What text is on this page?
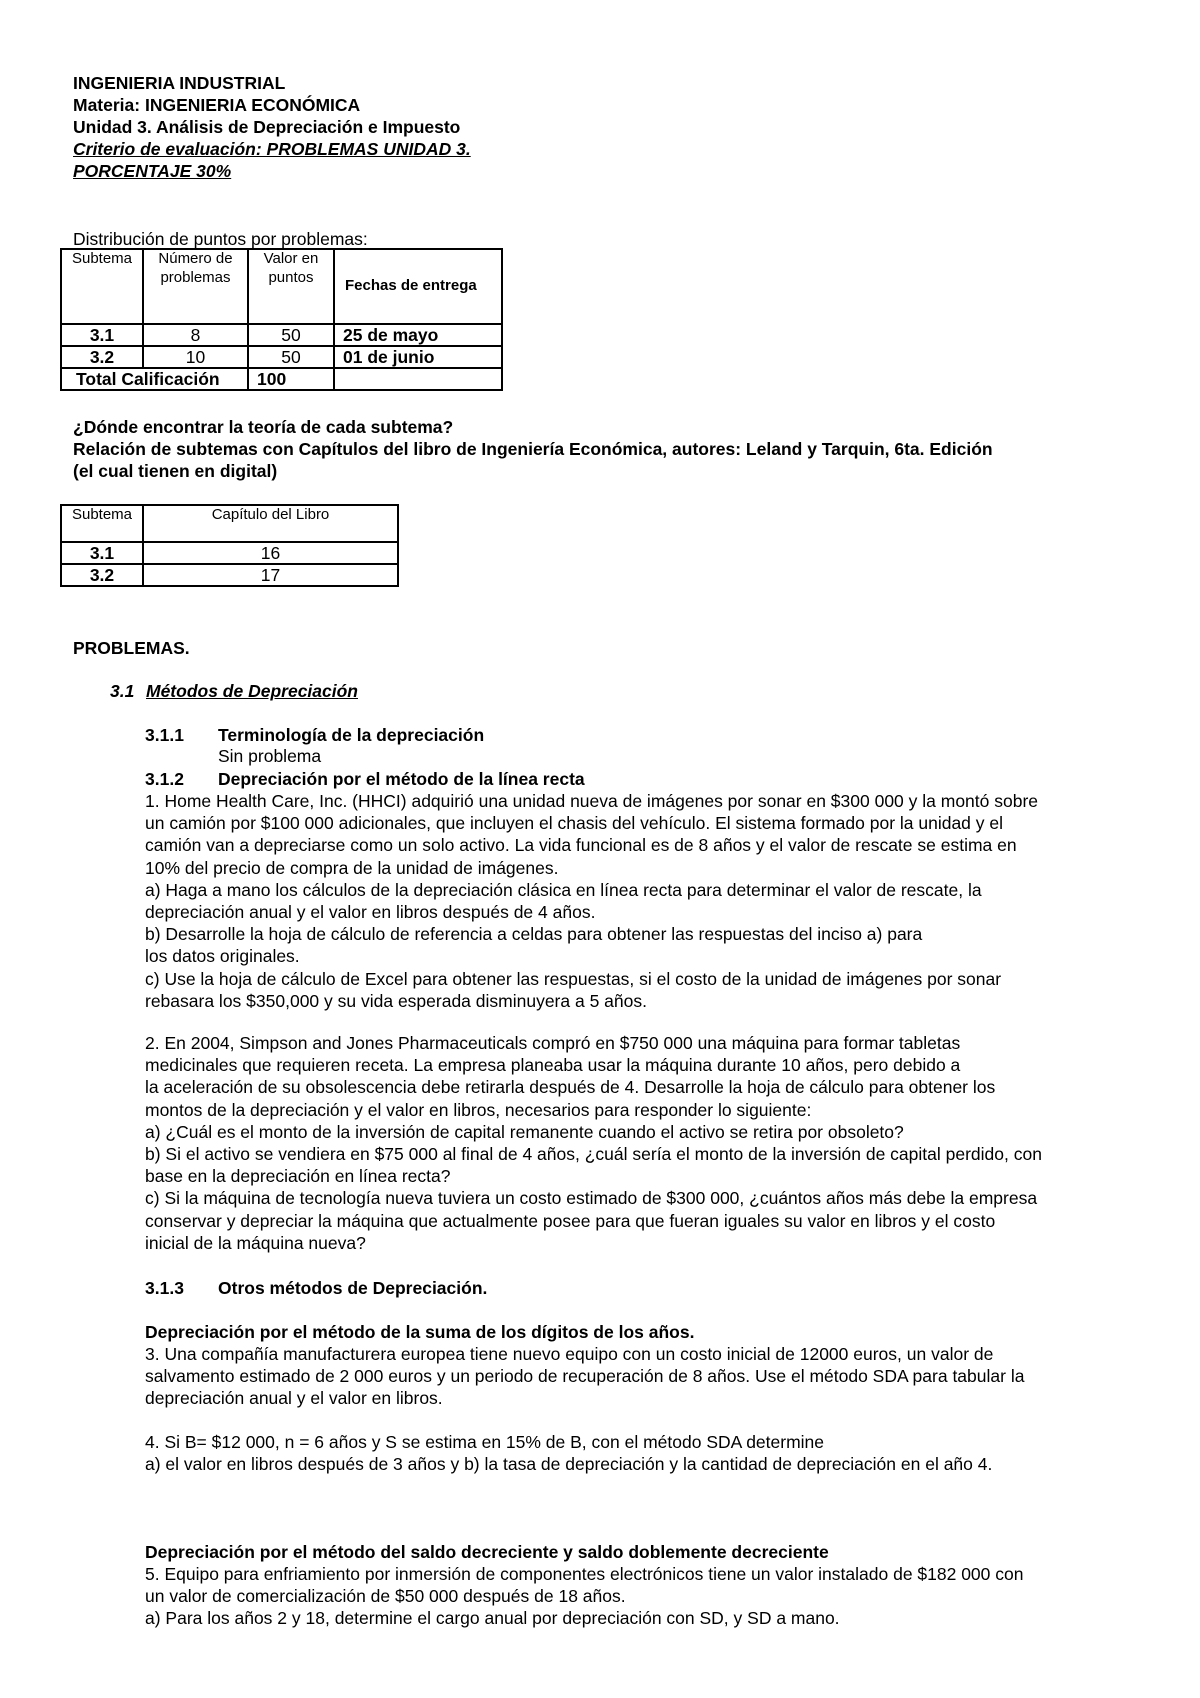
INGENIERIA INDUSTRIAL
Materia: INGENIERIA ECONÓMICA
Unidad 3. Análisis de Depreciación e Impuesto
Criterio de evaluación: PROBLEMAS UNIDAD 3.
PORCENTAJE 30%
Distribución de puntos por problemas:
Subtema	Número de problemas	Valor en puntos	Fechas de entrega
3.1	8	50	25 de mayo
3.2	10	50	01 de junio
Total Calificación		100	
¿Dónde encontrar la teoría de cada subtema?
Relación de subtemas con Capítulos del libro de Ingeniería Económica, autores: Leland y Tarquin, 6ta. Edición
(el cual tienen en digital)
Subtema	Capítulo del Libro
3.1	16
3.2	17
PROBLEMAS.
3.1 Métodos de Depreciación
3.1.1 Terminología de la depreciación
Sin problema
3.1.2 Depreciación por el método de la línea recta

1. Home Health Care, Inc. (HHCI) adquirió una unidad nueva de imágenes por sonar en $300 000 y la montó sobre

un camión por $100 000 adicionales, que incluyen el chasis del vehículo. El sistema formado por la unidad y el

camión van a depreciarse como un solo activo. La vida funcional es de 8 años y el valor de rescate se estima en

10% del precio de compra de la unidad de imágenes.

a) Haga a mano los cálculos de la depreciación clásica en línea recta para determinar el valor de rescate, la

depreciación anual y el valor en libros después de 4 años.

b) Desarrolle la hoja de cálculo de referencia a celdas para obtener las respuestas del inciso a) para

los datos originales.

c) Use la hoja de cálculo de Excel para obtener las respuestas, si el costo de la unidad de imágenes por sonar

rebasara los $350,000 y su vida esperada disminuyera a 5 años.

2. En 2004, Simpson and Jones Pharmaceuticals compró en $750 000 una máquina para formar tabletas

medicinales que requieren receta. La empresa planeaba usar la máquina durante 10 años, pero debido a

la aceleración de su obsolescencia debe retirarla después de 4. Desarrolle la hoja de cálculo para obtener los

montos de la depreciación y el valor en libros, necesarios para responder lo siguiente:

a) ¿Cuál es el monto de la inversión de capital remanente cuando el activo se retira por obsoleto?

b) Si el activo se vendiera en $75 000 al final de 4 años, ¿cuál sería el monto de la inversión de capital perdido, con

base en la depreciación en línea recta?

c) Si la máquina de tecnología nueva tuviera un costo estimado de $300 000, ¿cuántos años más debe la empresa

conservar y depreciar la máquina que actualmente posee para que fueran iguales su valor en libros y el costo

inicial de la máquina nueva?

3.1.3 Otros métodos de Depreciación.
Depreciación por el método de la suma de los dígitos de los años.

3. Una compañía manufacturera europea tiene nuevo equipo con un costo inicial de 12000 euros, un valor de

salvamento estimado de 2 000 euros y un periodo de recuperación de 8 años. Use el método SDA para tabular la

depreciación anual y el valor en libros.

4. Si B= $12 000, n = 6 años y S se estima en 15% de B, con el método SDA determine

a) el valor en libros después de 3 años y b) la tasa de depreciación y la cantidad de depreciación en el año 4.

Depreciación por el método del saldo decreciente y saldo doblemente decreciente

5. Equipo para enfriamiento por inmersión de componentes electrónicos tiene un valor instalado de $182 000 con

un valor de comercialización de $50 000 después de 18 años.

a) Para los años 2 y 18, determine el cargo anual por depreciación con SD, y SD a mano.
